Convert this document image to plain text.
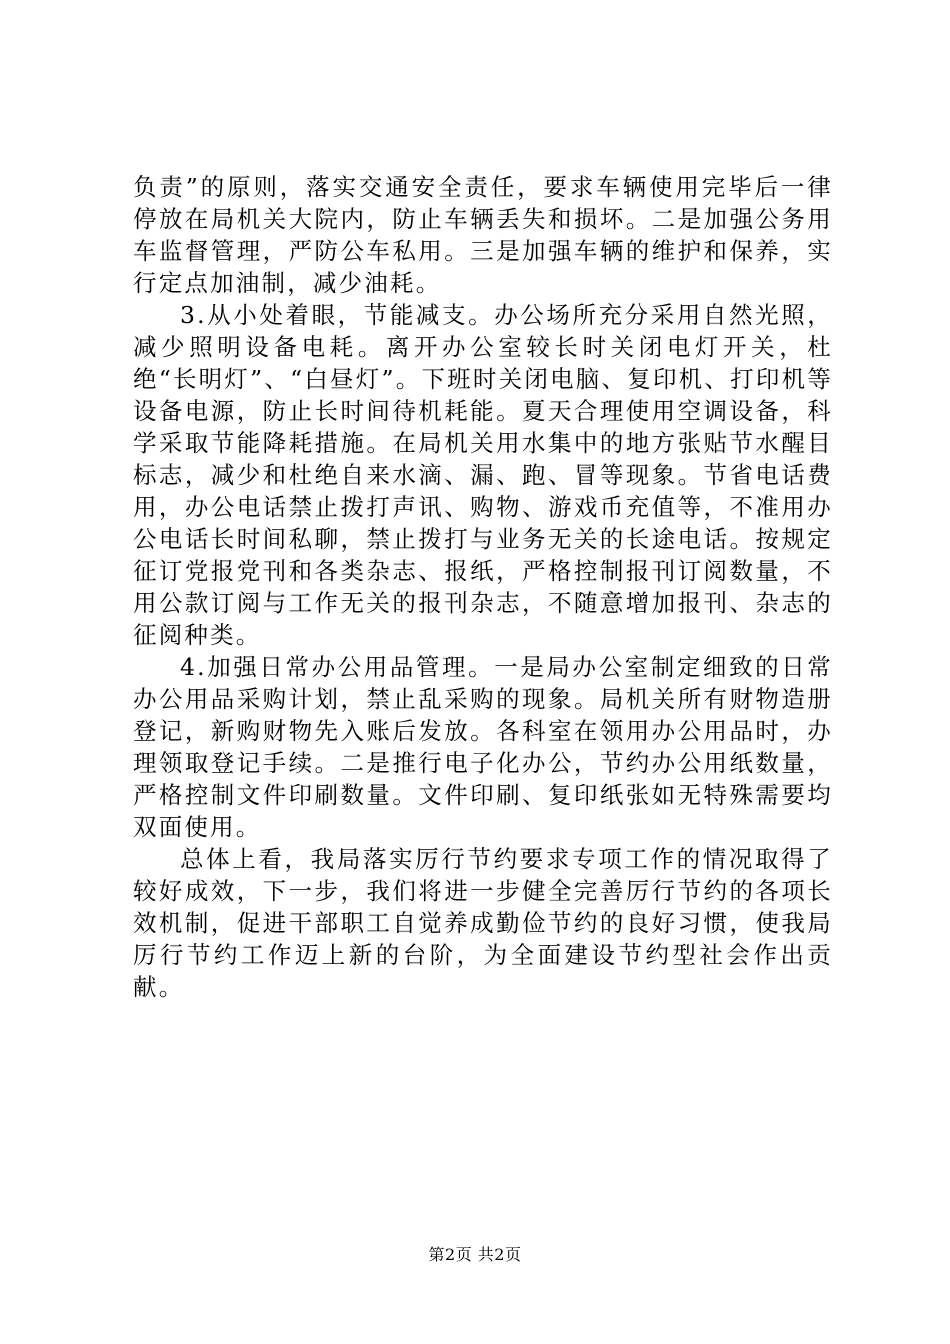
负责”的原则，落实交通安全责任，要求车辆使用完毕后一律停放在局机关大院内，防止车辆丢失和损坏。二是加强公务用车监督管理，严防公车私用。三是加强车辆的维护和保养，实行定点加油制，减少油耗。

3.从小处着眼，节能减支。办公场所充分采用自然光照，减少照明设备电耗。离开办公室较长时关闭电灯开关，杜绝“长明灯”、“白昼灯”。下班时关闭电脑、复印机、打印机等设备电源，防止长时间待机耗能。夏天合理使用空调设备，科学采取节能降耗措施。在局机关用水集中的地方张贴节水醒目标志，减少和杜绝自来水滴、漏、跑、冒等现象。节省电话费用，办公电话禁止拨打声讯、购物、游戏币充值等，不准用办公电话长时间私聊，禁止拨打与业务无关的长途电话。按规定征订党报党刊和各类杂志、报纸，严格控制报刊订阅数量，不用公款订阅与工作无关的报刊杂志，不随意增加报刊、杂志的征阅种类。

4.加强日常办公用品管理。一是局办公室制定细致的日常办公用品采购计划，禁止乱采购的现象。局机关所有财物造册登记，新购财物先入账后发放。各科室在领用办公用品时，办理领取登记手续。二是推行电子化办公，节约办公用纸数量，严格控制文件印刷数量。文件印刷、复印纸张如无特殊需要均双面使用。

总体上看，我局落实厉行节约要求专项工作的情况取得了较好成效，下一步，我们将进一步健全完善厉行节约的各项长效机制，促进干部职工自觉养成勤俭节约的良好习惯，使我局厉行节约工作迈上新的台阶，为全面建设节约型社会作出贡献。

第2页 共2页
